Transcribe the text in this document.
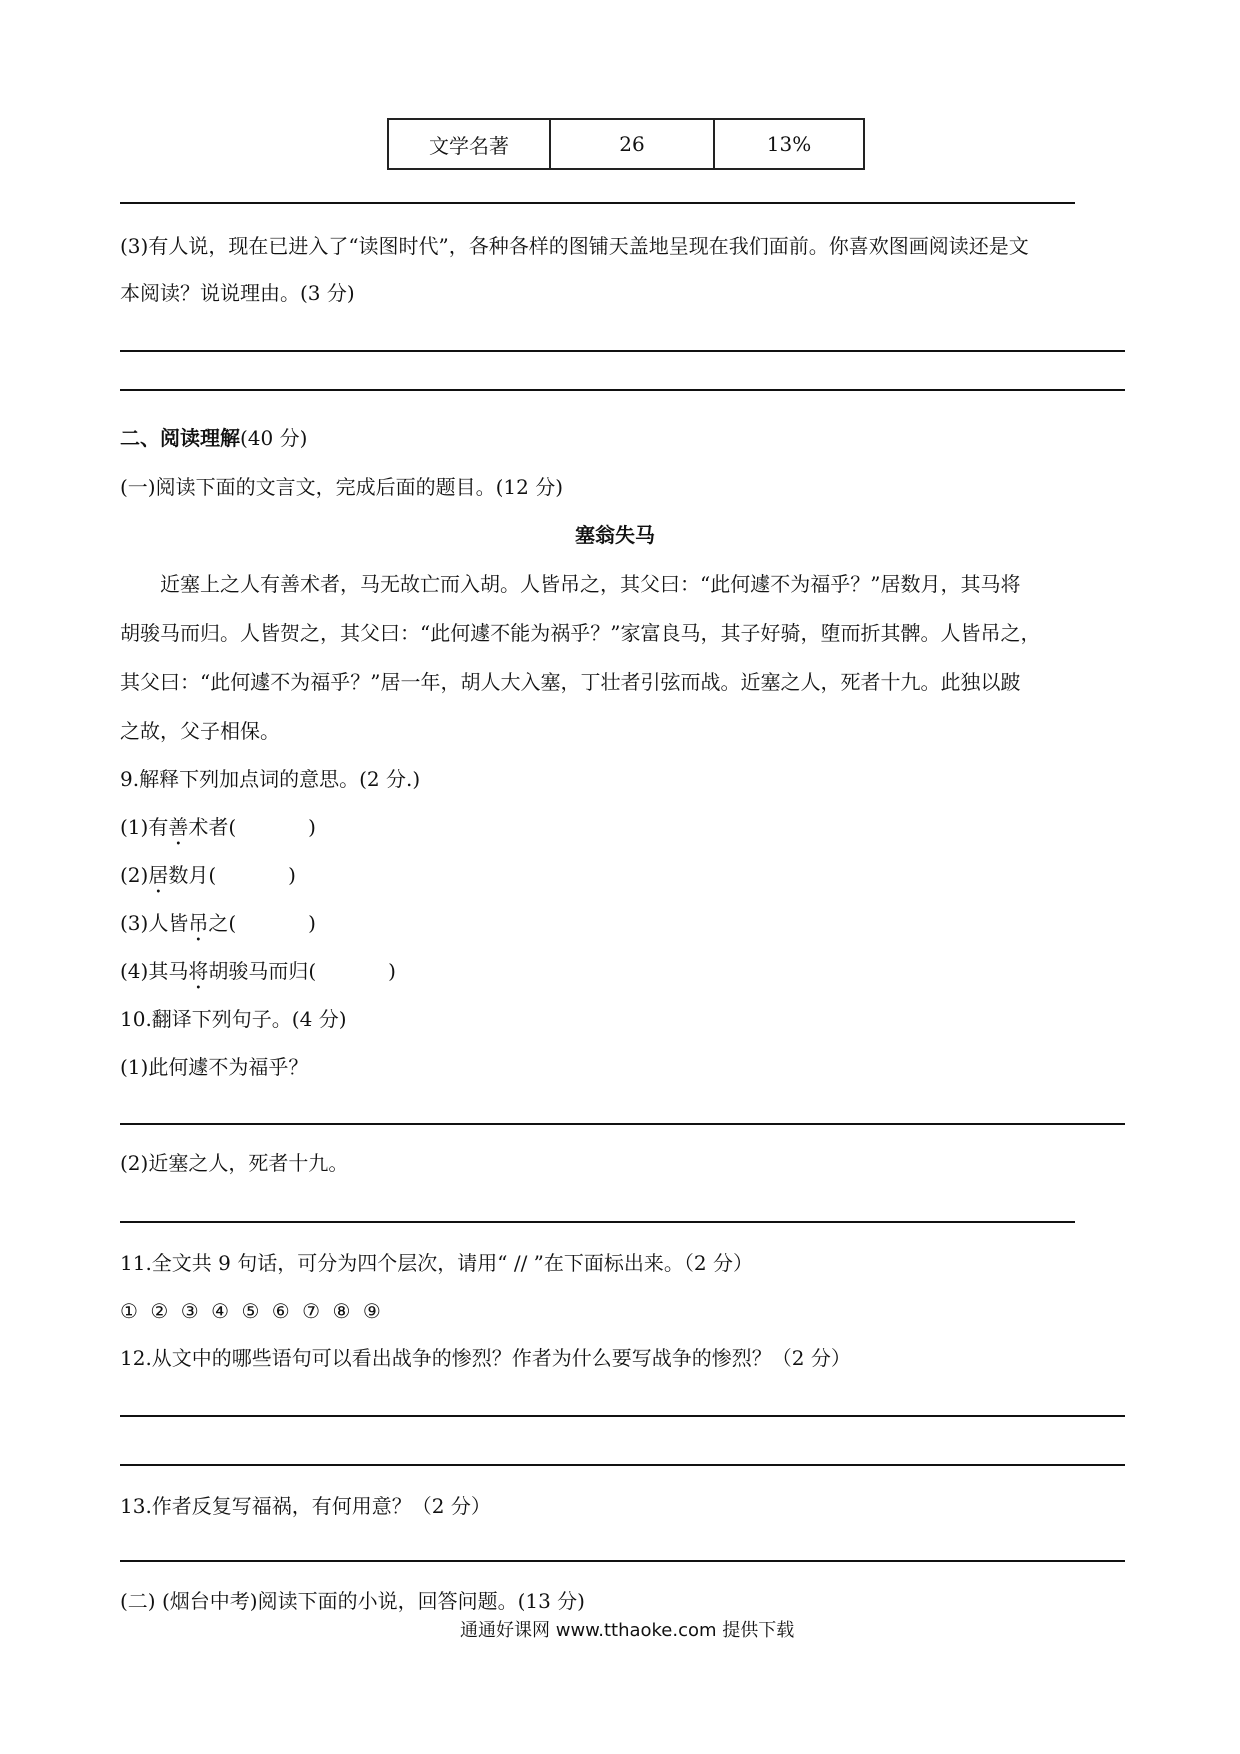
文学名著	26	13%
(3)有人说，现在已进入了“读图时代”，各种各样的图铺天盖地呈现在我们面前。你喜欢图画阅读还是文
本阅读？说说理由。(3 分)
二、阅读理解(40 分)
(一)阅读下面的文言文，完成后面的题目。(12 分)
塞翁失马
近塞上之人有善术者，马无故亡而入胡。人皆吊之，其父曰：“此何遽不为福乎？”居数月，其马将
胡骏马而归。人皆贺之，其父曰：“此何遽不能为祸乎？”家富良马，其子好骑，堕而折其髀。人皆吊之，
其父曰：“此何遽不为福乎？”居一年，胡人大入塞，丁壮者引弦而战。近塞之人，死者十九。此独以跛
之故，父子相保。
9.解释下列加点词的意思。(2 分.)
(1)有善术者(	)
(2)居数月(	)
(3)人皆吊之(	)
(4)其马将胡骏马而归(	)
10.翻译下列句子。(4 分)
(1)此何遽不为福乎？
(2)近塞之人，死者十九。
11.全文共 9 句话，可分为四个层次，请用“ // ”在下面标出来。（2 分）
① ② ③ ④ ⑤ ⑥ ⑦ ⑧ ⑨
12.从文中的哪些语句可以看出战争的惨烈？作者为什么要写战争的惨烈？（2 分）
13.作者反复写福祸，有何用意？（2 分）
(二) (烟台中考)阅读下面的小说，回答问题。(13 分)
通通好课网 www.tthaoke.com 提供下载
